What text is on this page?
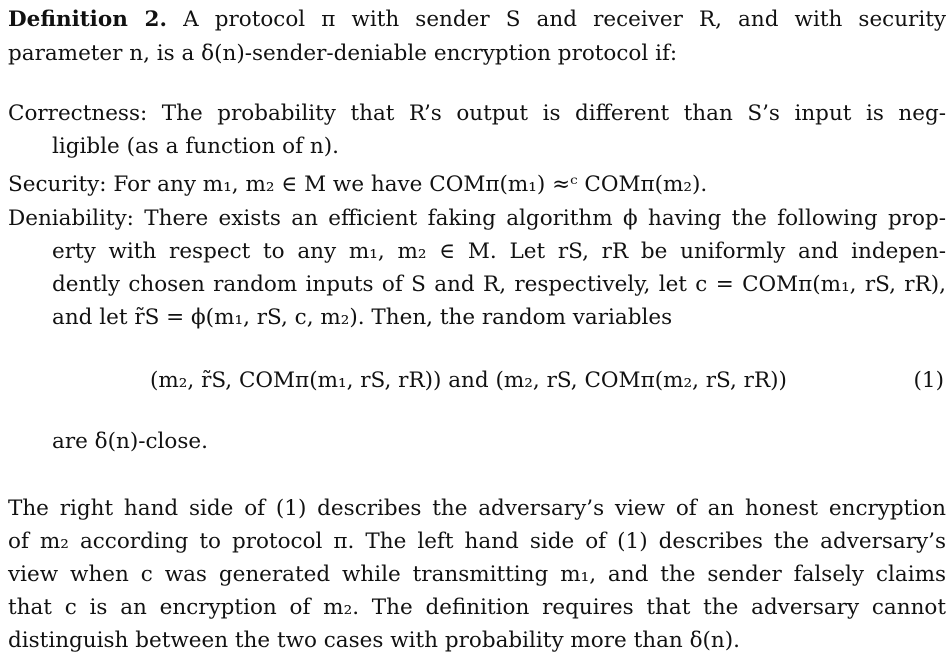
Definition 2. A protocol π with sender S and receiver R, and with security
parameter n, is a δ(n)-sender-deniable encryption protocol if:
Correctness: The probability that R’s output is different than S’s input is neg-
ligible (as a function of n).
Security: For any m₁, m₂ ∈ M we have COMπ(m₁) ≈ᶜ COMπ(m₂).
Deniability: There exists an efficient faking algorithm ϕ having the following prop-
erty with respect to any m₁, m₂ ∈ M. Let rS, rR be uniformly and indepen-
dently chosen random inputs of S and R, respectively, let c = COMπ(m₁, rS, rR),
and let r̃S = ϕ(m₁, rS, c, m₂). Then, the random variables
(m₂, r̃S, COMπ(m₁, rS, rR)) and (m₂, rS, COMπ(m₂, rS, rR))	(1)
are δ(n)-close.
The right hand side of (1) describes the adversary’s view of an honest encryption
of m₂ according to protocol π. The left hand side of (1) describes the adversary’s
view when c was generated while transmitting m₁, and the sender falsely claims
that c is an encryption of m₂. The definition requires that the adversary cannot
distinguish between the two cases with probability more than δ(n).
